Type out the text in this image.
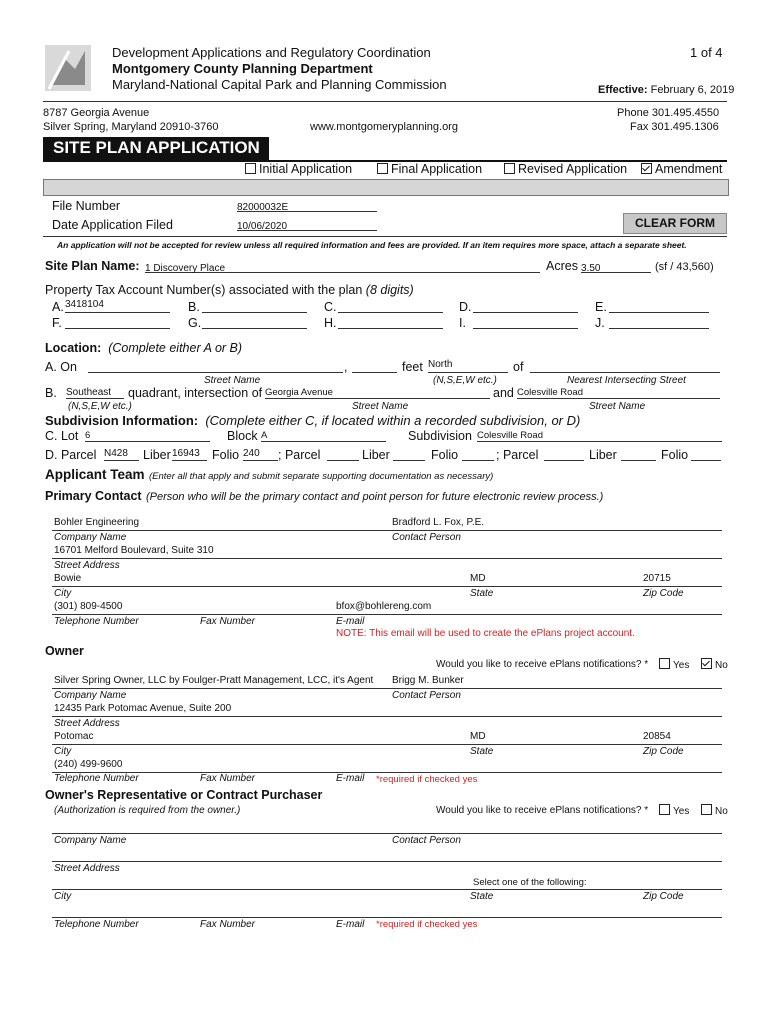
Development Applications and Regulatory Coordination
Montgomery County Planning Department
Maryland-National Capital Park and Planning Commission
1 of 4
Effective: February 6, 2019
8787 Georgia Avenue
Silver Spring, Maryland 20910-3760	www.montgomeryplanning.org
Phone 301.495.4550
Fax 301.495.1306
SITE PLAN APPLICATION
Initial Application	Final Application	Revised Application	Amendment
File Number	82000032E
Date Application Filed	10/06/2020	CLEAR FORM
An application will not be accepted for review unless all required information and fees are provided. If an item requires more space, attach a separate sheet.
Site Plan Name: 1 Discovery Place	Acres 3.50	(sf / 43,560)
Property Tax Account Number(s) associated with the plan (8 digits)
A. $^{3418104}$	B.	C.	D.	E.
F.	G.	H.	I.	J.
Location: (Complete either A or B)
A. On	,	feet $^{North}$	of
Street Name	(N,S,E,W etc.)	Nearest Intersecting Street
B. Southeast	quadrant, intersection of Georgia Avenue	and Colesville Road
(N,S,E,W etc.)	Street Name	Street Name
Subdivision Information: (Complete either C, if located within a recorded subdivision, or D)
C. Lot 6	Block A	Subdivision Colesville Road
D. Parcel $^{N428}$	Liber $^{16943}$ Folio $^{240}$	; Parcel	Liber	Folio	; Parcel	Liber	Folio
Applicant Team (Enter all that apply and submit separate supporting documentation as necessary)
Primary Contact (Person who will be the primary contact and point person for future electronic review process.)
Bohler Engineering	Bradford L. Fox, P.E.
Company Name	Contact Person
16701 Melford Boulevard, Suite 310
Street Address
Bowie	MD	20715
City	State	Zip Code
(301) 809-4500	bfox@bohlereng.com
Telephone Number	Fax Number	E-mail
NOTE: This email will be used to create the ePlans project account.
Owner
Would you like to receive ePlans notifications? *	Yes	No
Silver Spring Owner, LLC by Foulger-Pratt Management, LCC, it's Agent	Brigg M. Bunker
Company Name	Contact Person
12435 Park Potomac Avenue, Suite 200
Street Address
Potomac	MD	20854
City	State	Zip Code
(240) 499-9600
Telephone Number	Fax Number	E-mail *required if checked yes
Owner's Representative or Contract Purchaser
(Authorization is required from the owner.)	Would you like to receive ePlans notifications? *	Yes	No
Company Name	Contact Person
Street Address
Select one of the following:
City	State	Zip Code
Telephone Number	Fax Number	E-mail *required if checked yes
